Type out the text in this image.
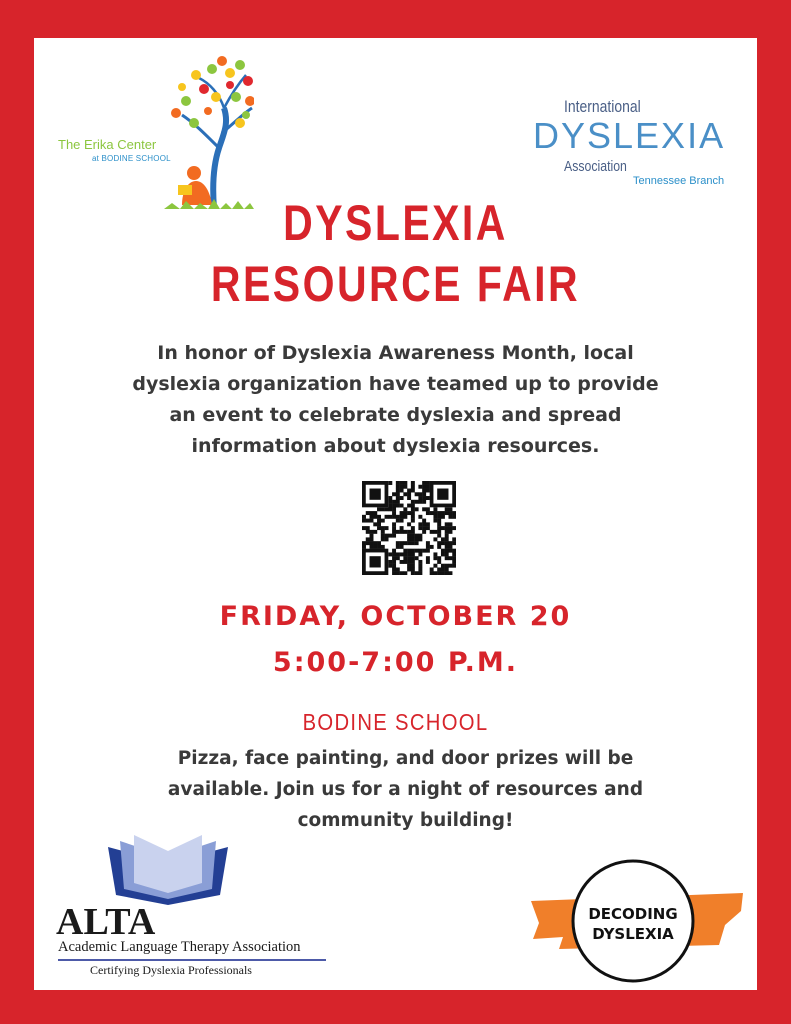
The Erika Center
at BODINE SCHOOL
International
DYSLEXIA
Association
Tennessee Branch
DYSLEXIA
RESOURCE FAIR
In honor of Dyslexia Awareness Month, local dyslexia organization have teamed up to provide an event to celebrate dyslexia and spread information about dyslexia resources.
FRIDAY, OCTOBER 20
5:00-7:00 P.M.
BODINE SCHOOL
Pizza, face painting, and door prizes will be available. Join us for a night of resources and community building!
ALTA
Academic Language Therapy Association
Certifying Dyslexia Professionals
DECODING
DYSLEXIA
